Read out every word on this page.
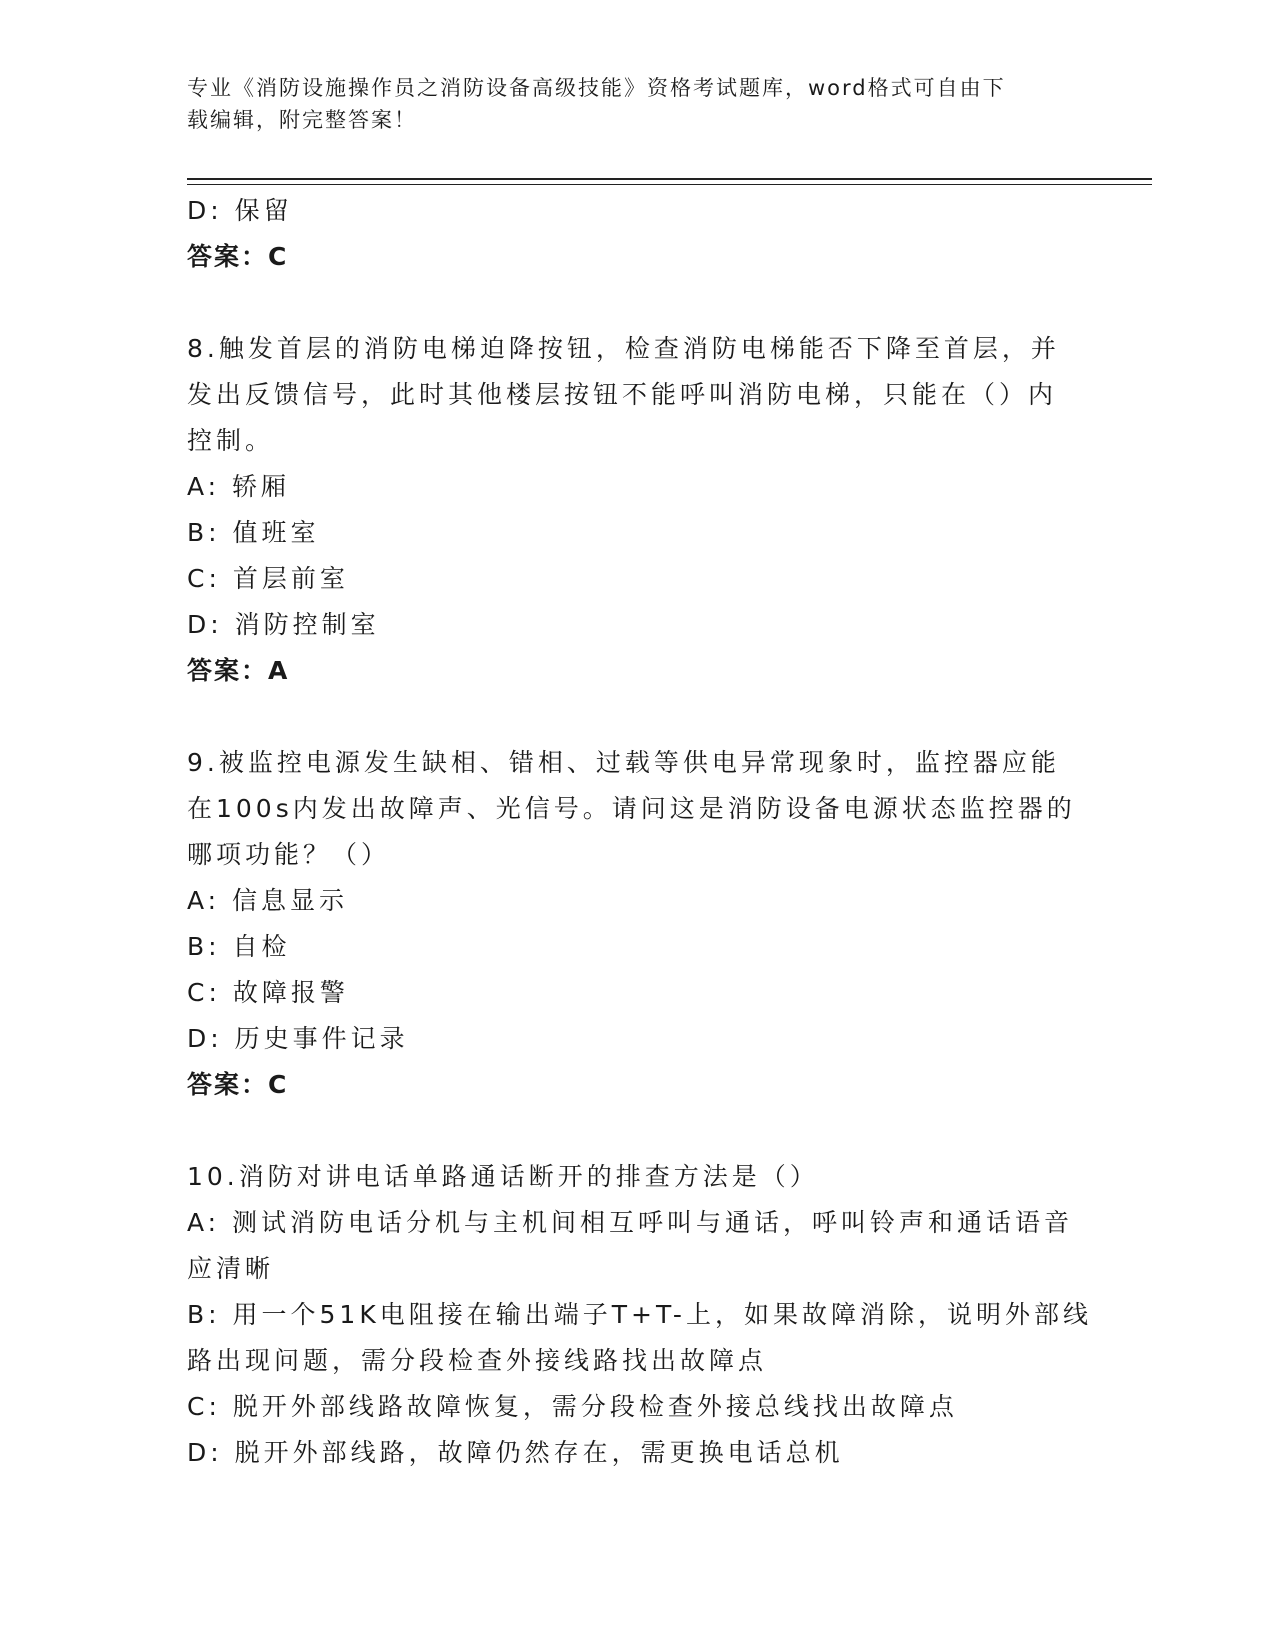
专业《消防设施操作员之消防设备高级技能》资格考试题库，word格式可自由下
载编辑，附完整答案！
D: 保留
答案：C
8.触发首层的消防电梯迫降按钮，检查消防电梯能否下降至首层，并
发出反馈信号，此时其他楼层按钮不能呼叫消防电梯，只能在（）内
控制。
A: 轿厢
B: 值班室
C: 首层前室
D: 消防控制室
答案：A
9.被监控电源发生缺相、错相、过载等供电异常现象时，监控器应能
在100s内发出故障声、光信号。请问这是消防设备电源状态监控器的
哪项功能？（）
A: 信息显示
B: 自检
C: 故障报警
D: 历史事件记录
答案：C
10.消防对讲电话单路通话断开的排查方法是（）
A: 测试消防电话分机与主机间相互呼叫与通话，呼叫铃声和通话语音
应清晰
B: 用一个51K电阻接在输出端子T+T-上，如果故障消除，说明外部线
路出现问题，需分段检查外接线路找出故障点
C: 脱开外部线路故障恢复，需分段检查外接总线找出故障点
D: 脱开外部线路，故障仍然存在，需更换电话总机
